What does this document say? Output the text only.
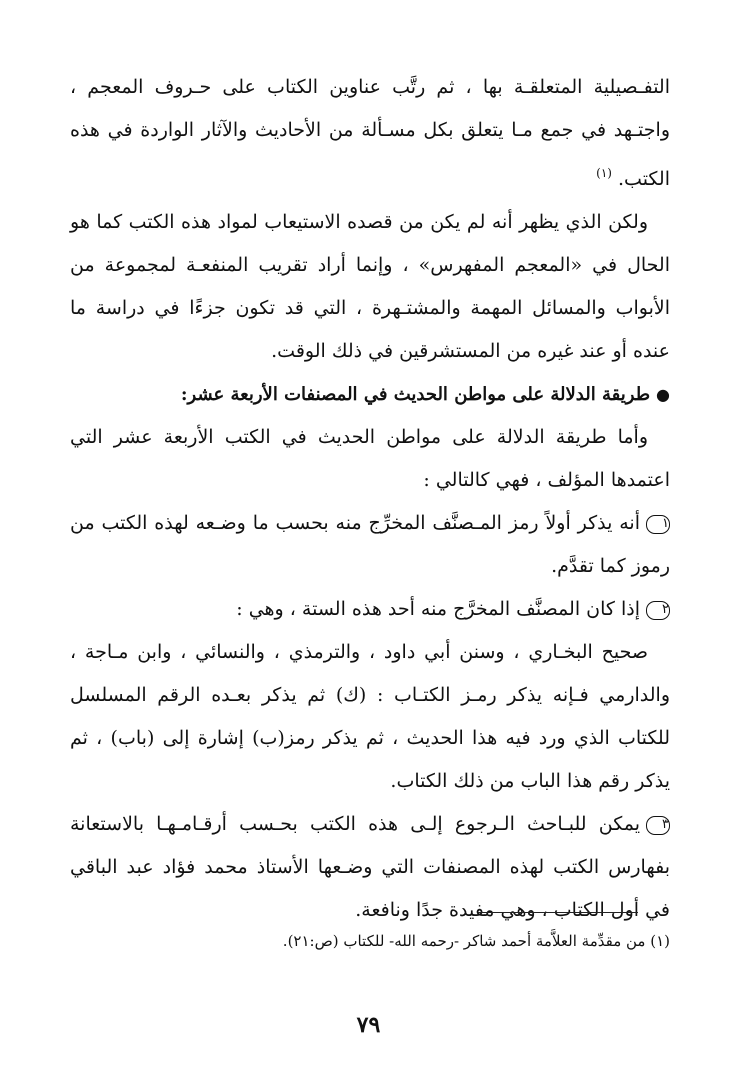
التفـصيلية المتعلقـة بها ، ثم رتَّب عناوين الكتاب على حـروف المعجم ، واجتـهد في جمع مـا يتعلق بكل مسـألة من الأحاديث والآثار الواردة في هذه الكتب. $^{(١)}$

ولكن الذي يظهر أنه لم يكن من قصده الاستيعاب لمواد هذه الكتب كما هو الحال في «المعجم المفهرس» ، وإنما أراد تقريب المنفعـة لمجموعة من الأبواب والمسائل المهمة والمشتـهرة ، التي قد تكون جزءًا في دراسة ما عنده أو عند غيره من المستشرقين في ذلك الوقت.

●طريقة الدلالة على مواطن الحديث في المصنفات الأربعة عشر:

وأما طريقة الدلالة على مواطن الحديث في الكتب الأربعة عشر التي اعتمدها المؤلف ، فهي كالتالي :

١أنه يذكر أولاً رمز المـصنَّف المخرِّج منه بحسب ما وضـعه لهذه الكتب من رموز كما تقدَّم.

٢إذا كان المصنَّف المخرَّج منه أحد هذه الستة ، وهي :

صحيح البخـاري ، وسنن أبي داود ، والترمذي ، والنسائي ، وابن مـاجة ، والدارمي فـإنه يذكر رمـز الكتـاب : (ك) ثم يذكر بعـده الرقم المسلسل للكتاب الذي ورد فيه هذا الحديث ، ثم يذكر رمز(ب) إشارة إلى (باب) ، ثم يذكر رقم هذا الباب من ذلك الكتاب.

٣يمكن للبـاحث الـرجوع إلـى هذه الكتب بحـسب أرقـامـهـا بالاستعانة بفهارس الكتب لهذه المصنفات التي وضـعها الأستاذ محمد فؤاد عبد الباقي في أول الكتاب ، وهي مفيدة جدًا ونافعة.

(١) من مقدِّمة العلاَّمة أحمد شاكر -رحمه الله- للكتاب (ص:٢١).
٧٩
